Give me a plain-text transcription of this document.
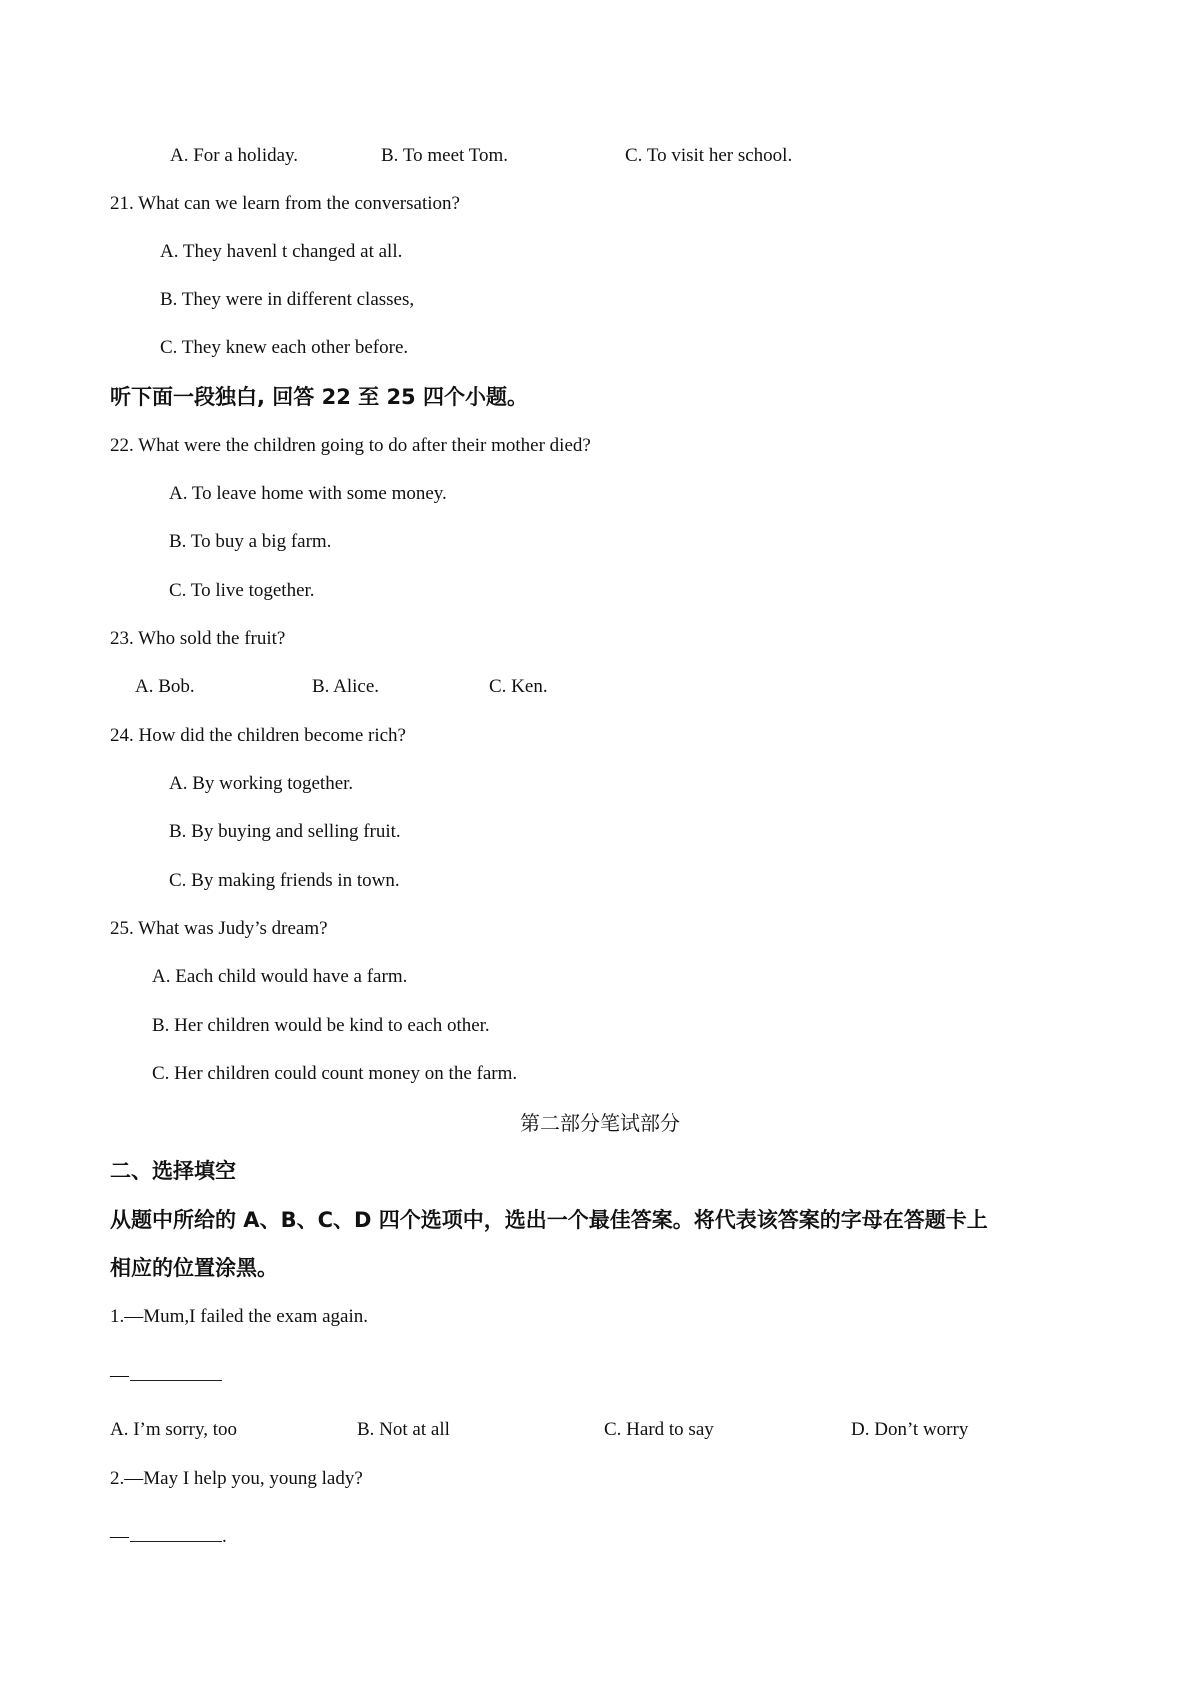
A. For a holiday.	B. To meet Tom.	C. To visit her school.
21. What can we learn from the conversation?
A. They havenl t changed at all.
B. They were in different classes,
C. They knew each other before.
听下面一段独白, 回答 22 至 25 四个小题。
22. What were the children going to do after their mother died?
A. To leave home with some money.
B. To buy a big farm.
C. To live together.
23. Who sold the fruit?
A. Bob.	B. Alice.	C. Ken.
24. How did the children become rich?
A. By working together.
B. By buying and selling fruit.
C. By making friends in town.
25. What was Judy’s dream?
A. Each child would have a farm.
B. Her children would be kind to each other.
C. Her children could count money on the farm.
第二部分笔试部分
二、选择填空
从题中所给的 A、B、C、D 四个选项中，选出一个最佳答案。将代表该答案的字母在答题卡上
相应的位置涂黑。
1.—Mum,I failed the exam again.
—
A. I’m sorry, too	B. Not at all	C. Hard to say	D. Don’t worry
2.—May I help you, young lady?
—	.
